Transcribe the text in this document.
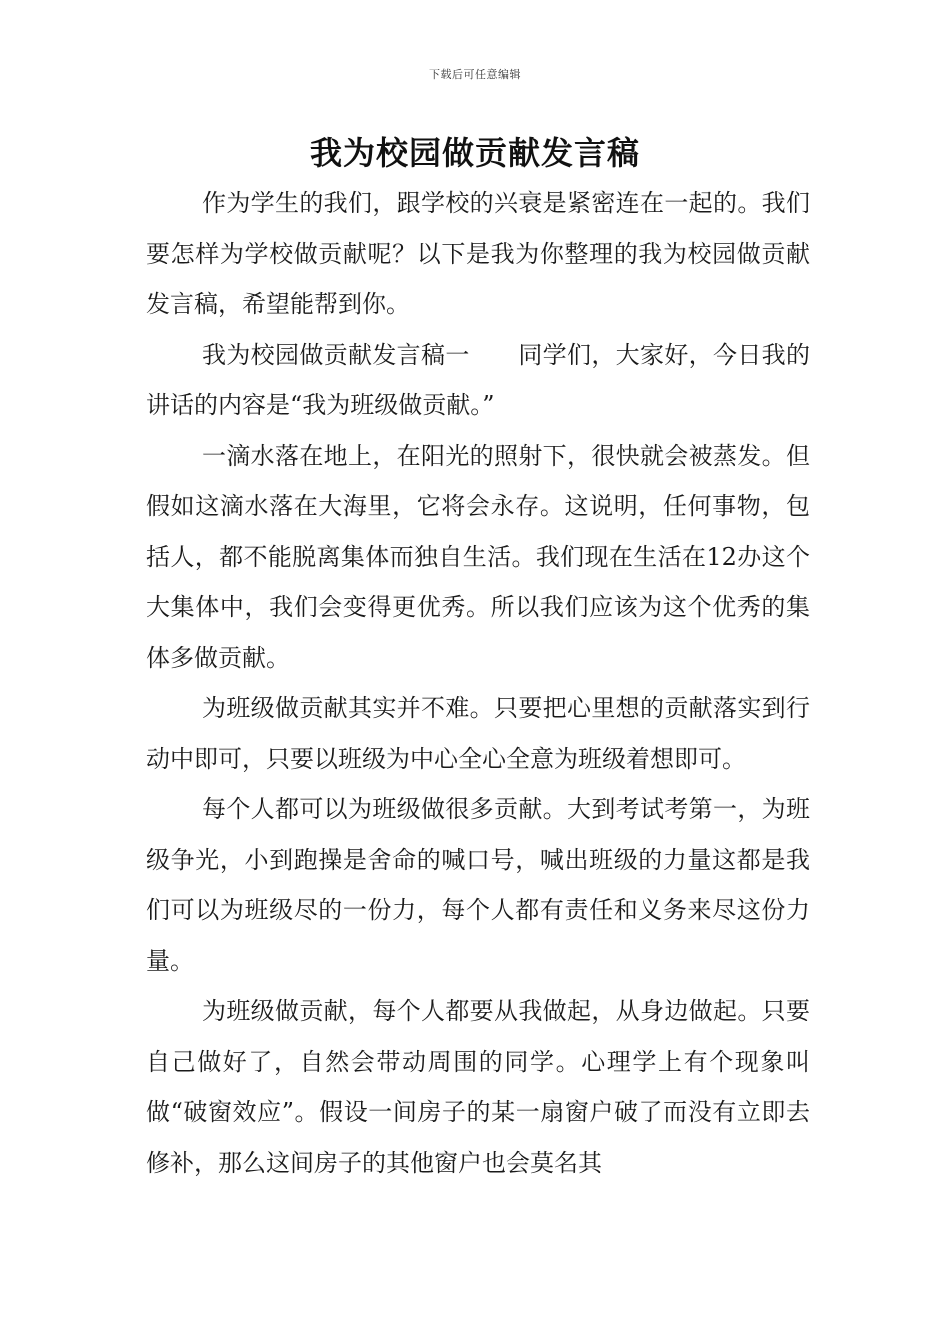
下载后可任意编辑
我为校园做贡献发言稿

作为学生的我们，跟学校的兴衰是紧密连在一起的。我们要怎样为学校做贡献呢？以下是我为你整理的我为校园做贡献发言稿，希望能帮到你。

我为校园做贡献发言稿一　　同学们，大家好，今日我的讲话的内容是“我为班级做贡献。”

一滴水落在地上，在阳光的照射下，很快就会被蒸发。但假如这滴水落在大海里，它将会永存。这说明，任何事物，包括人，都不能脱离集体而独自生活。我们现在生活在12办这个大集体中，我们会变得更优秀。所以我们应该为这个优秀的集体多做贡献。

为班级做贡献其实并不难。只要把心里想的贡献落实到行动中即可，只要以班级为中心全心全意为班级着想即可。

每个人都可以为班级做很多贡献。大到考试考第一，为班级争光，小到跑操是舍命的喊口号，喊出班级的力量这都是我们可以为班级尽的一份力，每个人都有责任和义务来尽这份力量。

为班级做贡献，每个人都要从我做起，从身边做起。只要自己做好了，自然会带动周围的同学。心理学上有个现象叫做“破窗效应”。假设一间房子的某一扇窗户破了而没有立即去修补，那么这间房子的其他窗户也会莫名其
